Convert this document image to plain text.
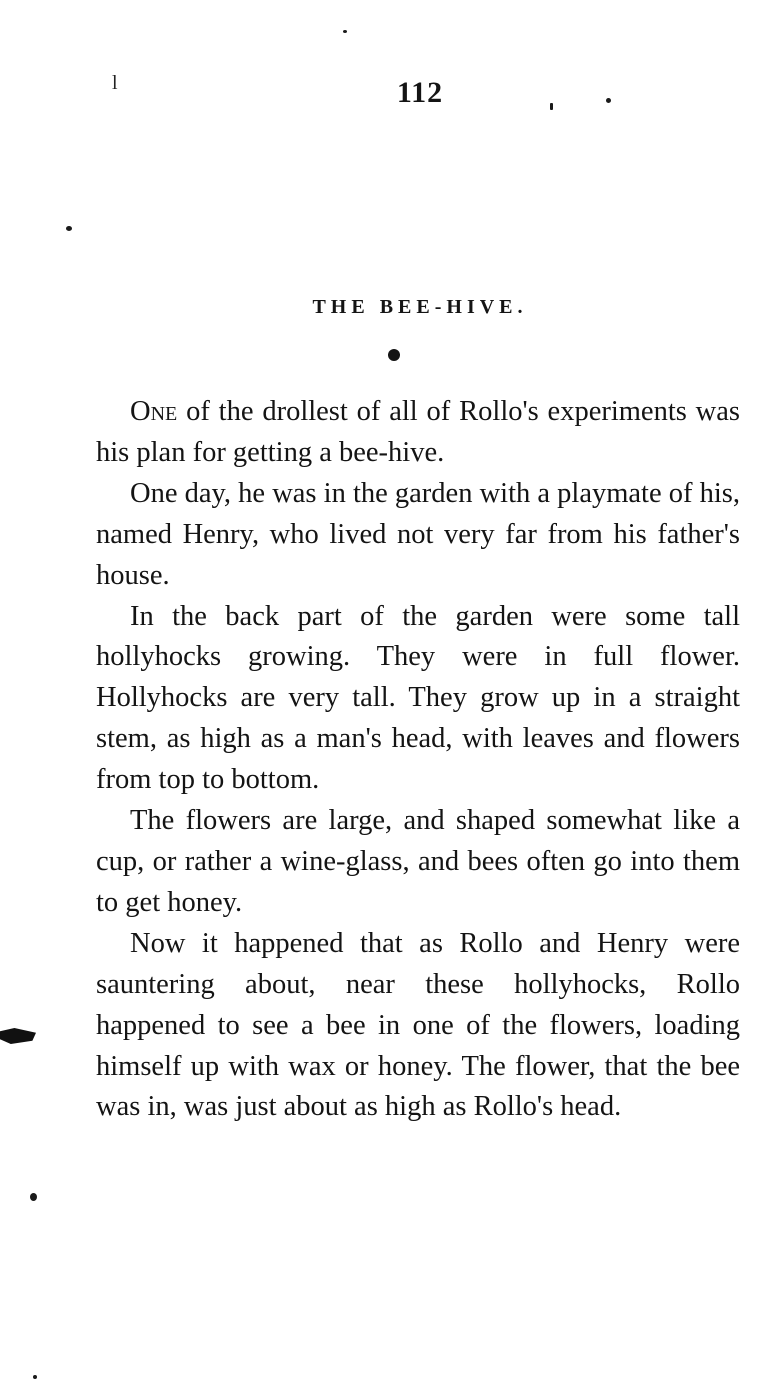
l	112
THE BEE-HIVE.

One of the drollest of all of Rollo's experiments was his plan for getting a bee-hive.

One day, he was in the garden with a playmate of his, named Henry, who lived not very far from his father's house.

In the back part of the garden were some tall hollyhocks growing. They were in full flower. Hollyhocks are very tall. They grow up in a straight stem, as high as a man's head, with leaves and flowers from top to bottom.

The flowers are large, and shaped somewhat like a cup, or rather a wine-glass, and bees often go into them to get honey.

Now it happened that as Rollo and Henry were sauntering about, near these hollyhocks, Rollo happened to see a bee in one of the flowers, loading himself up with wax or honey. The flower, that the bee was in, was just about as high as Rollo's head.
